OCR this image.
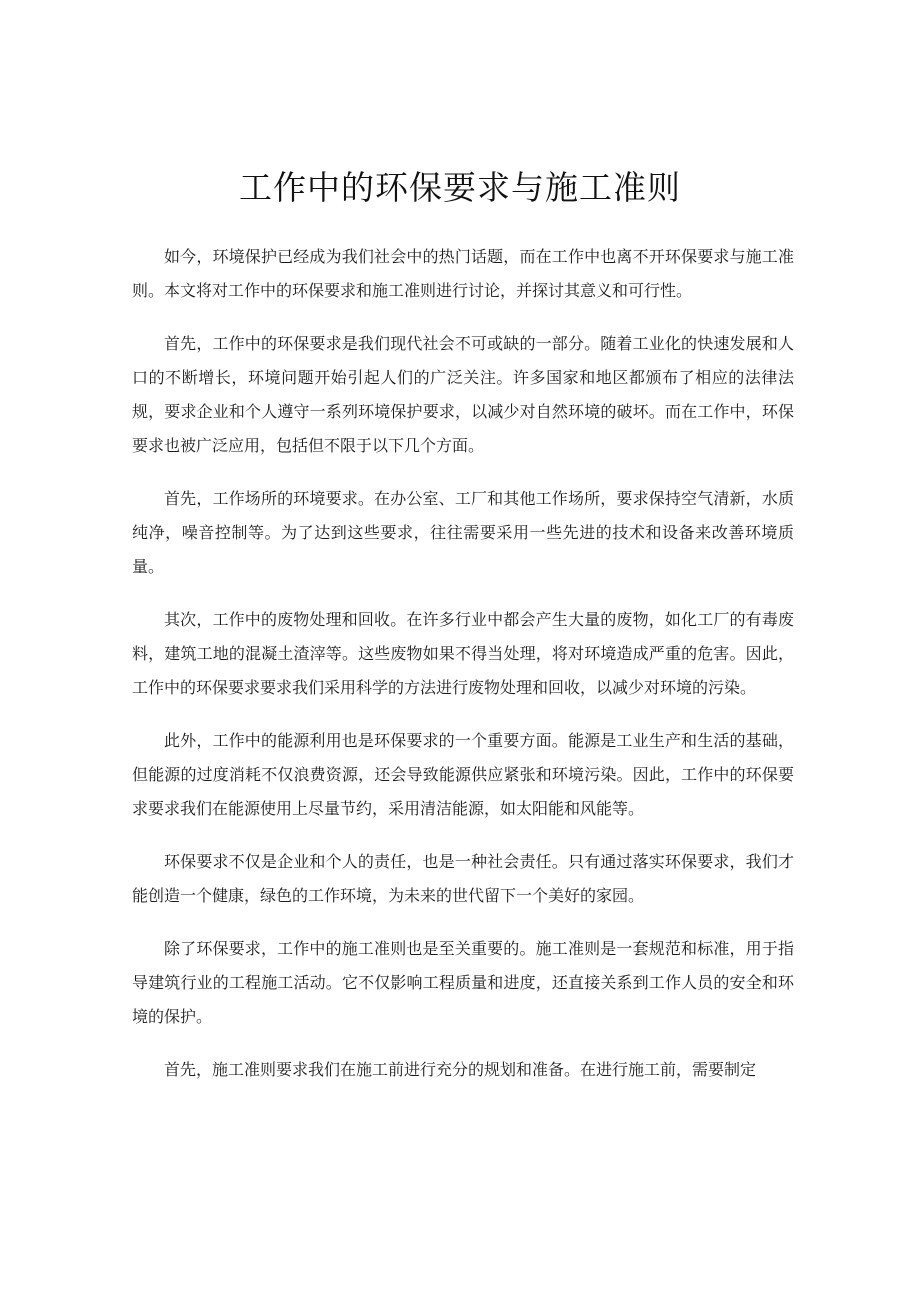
工作中的环保要求与施工准则

如今，环境保护已经成为我们社会中的热门话题，而在工作中也离不开环保要求与施工准则。本文将对工作中的环保要求和施工准则进行讨论，并探讨其意义和可行性。

首先，工作中的环保要求是我们现代社会不可或缺的一部分。随着工业化的快速发展和人口的不断增长，环境问题开始引起人们的广泛关注。许多国家和地区都颁布了相应的法律法规，要求企业和个人遵守一系列环境保护要求，以减少对自然环境的破坏。而在工作中，环保要求也被广泛应用，包括但不限于以下几个方面。

首先，工作场所的环境要求。在办公室、工厂和其他工作场所，要求保持空气清新，水质纯净，噪音控制等。为了达到这些要求，往往需要采用一些先进的技术和设备来改善环境质量。

其次，工作中的废物处理和回收。在许多行业中都会产生大量的废物，如化工厂的有毒废料，建筑工地的混凝土渣滓等。这些废物如果不得当处理，将对环境造成严重的危害。因此，工作中的环保要求要求我们采用科学的方法进行废物处理和回收，以减少对环境的污染。

此外，工作中的能源利用也是环保要求的一个重要方面。能源是工业生产和生活的基础，但能源的过度消耗不仅浪费资源，还会导致能源供应紧张和环境污染。因此，工作中的环保要求要求我们在能源使用上尽量节约，采用清洁能源，如太阳能和风能等。

环保要求不仅是企业和个人的责任，也是一种社会责任。只有通过落实环保要求，我们才能创造一个健康，绿色的工作环境，为未来的世代留下一个美好的家园。

除了环保要求，工作中的施工准则也是至关重要的。施工准则是一套规范和标准，用于指导建筑行业的工程施工活动。它不仅影响工程质量和进度，还直接关系到工作人员的安全和环境的保护。

首先，施工准则要求我们在施工前进行充分的规划和准备。在进行施工前，需要制定
